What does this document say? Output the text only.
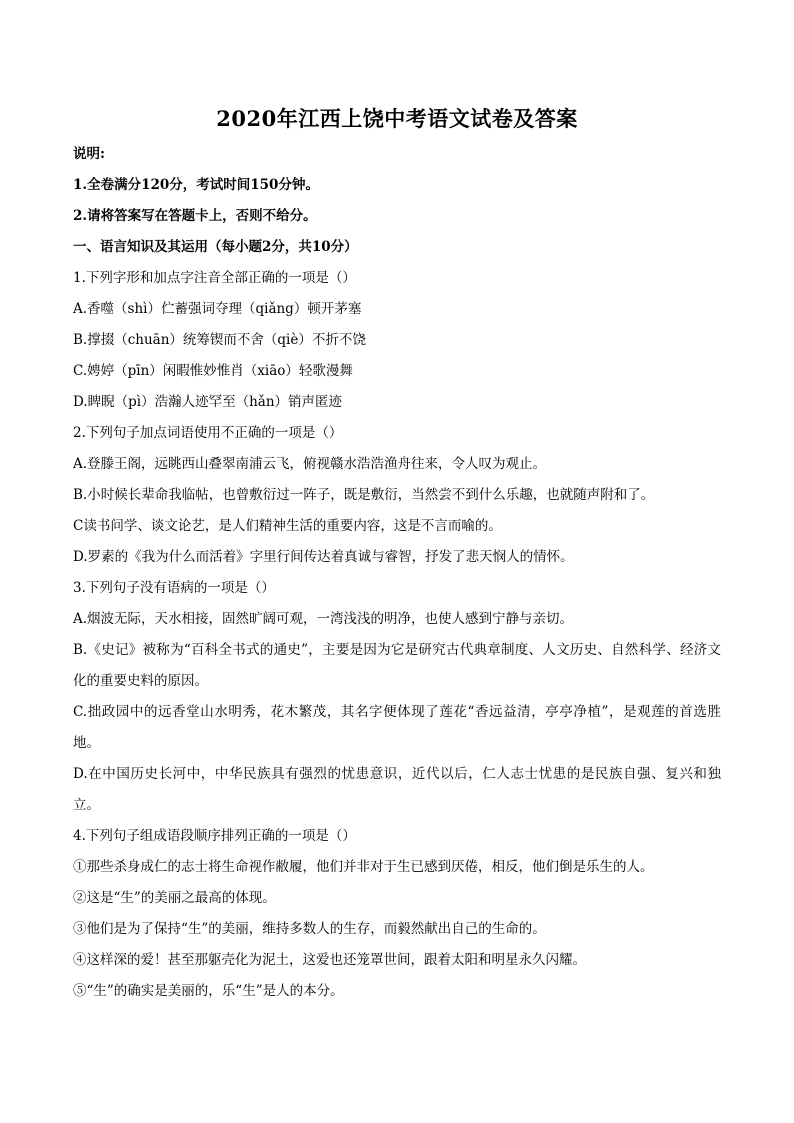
2020年江西上饶中考语文试卷及答案

说明:

1.全卷满分120分，考试时间150分钟。

2.请将答案写在答题卡上，否则不给分。

一、语言知识及其运用（每小题2分，共10分）

1.下列字形和加点字注音全部正确的一项是（）

A.香噬（shì）伫蓄强词夺理（qiǎng）顿开茅塞

B.撑掇（chuān）统筹锲而不舍（qiè）不折不饶

C.娉婷（pīn）闲暇惟妙惟肖（xiāo）轻歌漫舞

D.睥睨（pì）浩瀚人迹罕至（hǎn）销声匿迹

2.下列句子加点词语使用不正确的一项是（）

A.登滕王阁，远眺西山叠翠南浦云飞，俯视赣水浩浩渔舟往来，令人叹为观止。

B.小时候长辈命我临帖，也曾敷衍过一阵子，既是敷衍，当然尝不到什么乐趣，也就随声附和了。

C读书问学、谈文论艺，是人们精神生活的重要内容，这是不言而喻的。

D.罗素的《我为什么而活着》字里行间传达着真诚与睿智，抒发了悲天悯人的情怀。

3.下列句子没有语病的一项是（）

A.烟波无际，天水相接，固然旷阔可观，一湾浅浅的明净，也使人感到宁静与亲切。

B.《史记》被称为“百科全书式的通史”，主要是因为它是研究古代典章制度、人文历史、自然科学、经济文化的重要史料的原因。

C.拙政园中的远香堂山水明秀，花木繁茂，其名字便体现了莲花“香远益清，亭亭净植”，是观莲的首选胜地。

D.在中国历史长河中，中华民族具有强烈的忧患意识，近代以后，仁人志士忧患的是民族自强、复兴和独立。

4.下列句子组成语段顺序排列正确的一项是（）

①那些杀身成仁的志士将生命视作敝履，他们并非对于生已感到厌倦，相反，他们倒是乐生的人。

②这是“生”的美丽之最高的体现。

③他们是为了保持“生”的美丽，维持多数人的生存，而毅然献出自己的生命的。

④这样深的爱！甚至那躯壳化为泥土，这爱也还笼罩世间，跟着太阳和明星永久闪耀。

⑤“生”的确实是美丽的，乐“生”是人的本分。
